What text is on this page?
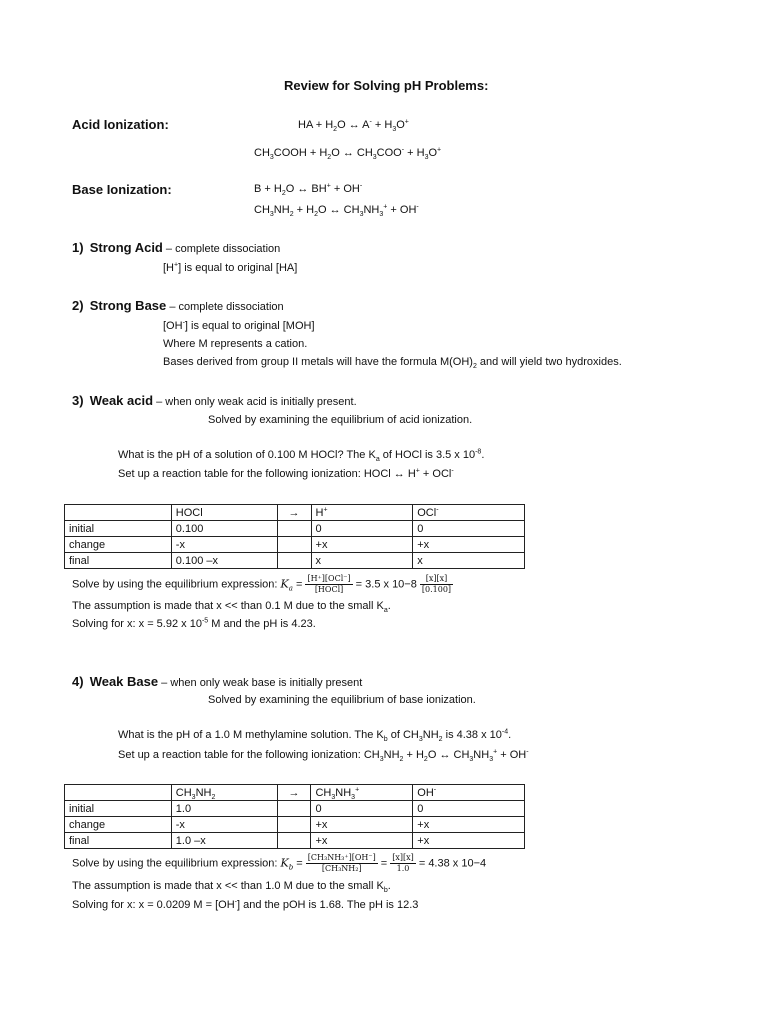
Review for Solving pH Problems:
Acid Ionization:	HA + $H_2O$ ↔ $A^- + H_3O^+$
$CH_3COOH + H_2O$ ↔ $CH_3COO^- + H_3O^+$
Base Ionization:	$B + H_2O$ ↔ BH+ + OH-
$CH_3NH_2 + H_2O$ ↔ $CH_3NH_3^+ + OH^-$
1) Strong Acid – complete dissociation
[H+] is equal to original [HA]
2) Strong Base – complete dissociation
[OH-] is equal to original [MOH]
Where M represents a cation.
Bases derived from group II metals will have the formula $M(OH)_2$ and will yield two hydroxides.
3) Weak acid – when only weak acid is initially present.
Solved by examining the equilibrium of acid ionization.
What is the pH of a solution of 0.100 M HOCl? The $K_a$ of HOCl is 3.5 x $10^{-8}$.
Set up a reaction table for the following ionization: HOCl ↔ H+ + OCl-
	HOCl	→	H+	OCl-
initial	0.100		0	0
change	-x		+x	+x
final	0.100 –x		x	x
Solve by using the equilibrium expression: $K_a = \frac{\text{[H⁺][OCl⁻]}}{\text{[HOCl]}} = 3.5$ x $10-8 \frac{[x][x]}{[0.100]}$
The assumption is made that x << than 0.1 M due to the small $K_a$.
Solving for x: x = 5.92 x $10^{-5}$ M and the pH is 4.23.
4) Weak Base – when only weak base is initially present
Solved by examining the equilibrium of base ionization.
What is the pH of a 1.0 M methylamine solution. The $K_b$ of $CH_3NH_2$ is 4.38 x $10^{-4}$.
Set up a reaction table for the following ionization: $CH_3NH_2 + H_2O$ ↔ $CH_3NH_3^+ + OH^-$
	$CH_3NH_2$	→	$CH_3NH_3^+$	OH-
initial	1.0		0	0
change	-x		+x	+x
final	1.0 –x		+x	+x
Solve by using the equilibrium expression: $K_b = \frac{\text{[CH₃NH₃⁺][OH⁻]}}{\text{[CH₃NH₂]}} = \frac{[x][x]}{1.0} = 4.38$ x 10−4
The assumption is made that x << than 1.0 M due to the small $K_b$.
Solving for x: x = 0.0209 M = [OH-] and the pOH is 1.68. The pH is 12.3
